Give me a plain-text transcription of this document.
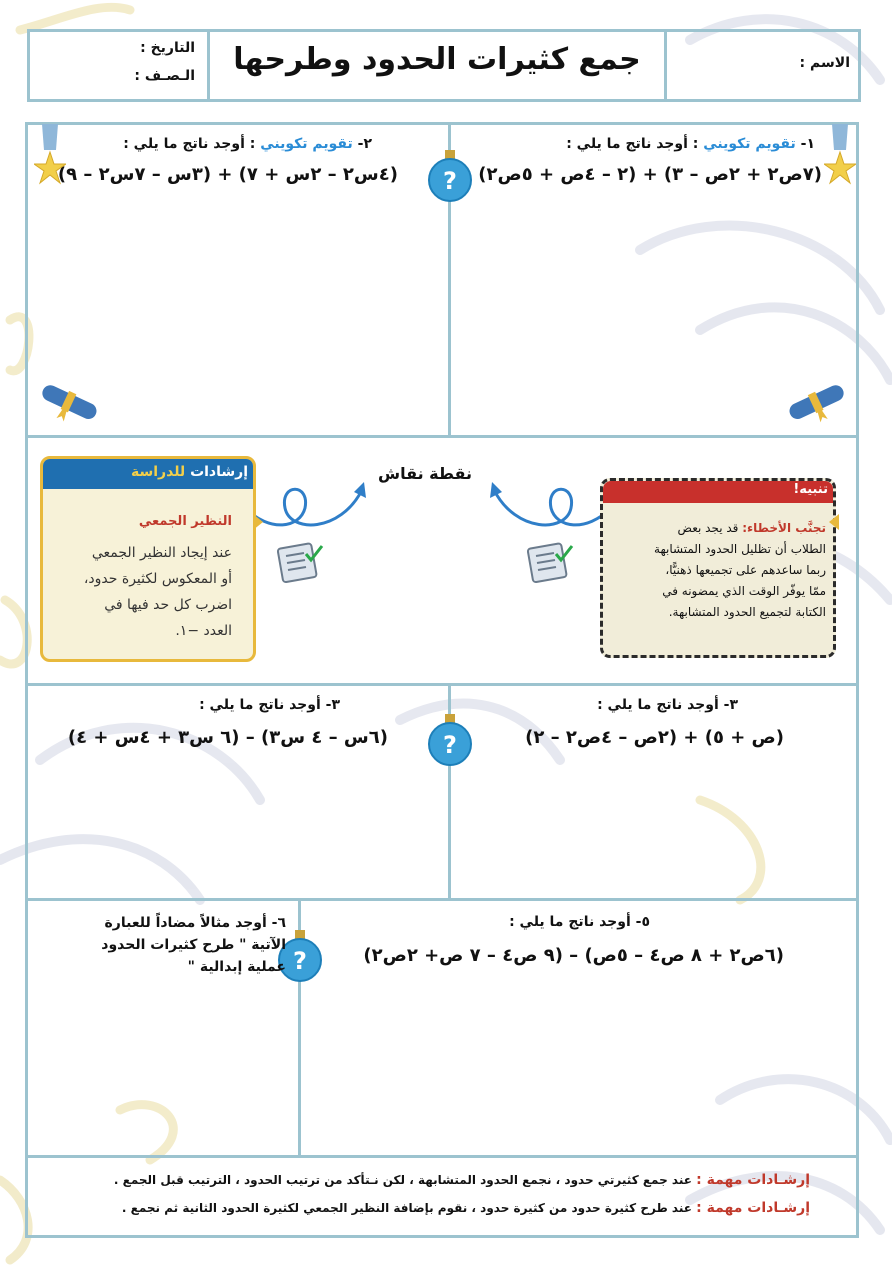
الاسم :
جمع كثيرات الحدود وطرحها
التاريخ :
الـصـف :
١- تقويم تكويني : أوجد ناتج ما يلي :
(٧ص٢ + ٢ص – ٣) + (٢ – ٤ص + ٥ص٢)
٢- تقويم تكويني : أوجد ناتج ما يلي :
(٤س٢ – ٢س + ٧) + (٣س – ٧س٢ – ٩) ?
?
?
نقطة نقاش
تنبيه!
تجنَّب الأخطاء: قد يجد بعض
الطلاب أن تظليل الحدود المتشابهة
ربما ساعدهم على تجميعها ذهنيًّا،
ممّا يوفّر الوقت الذي يمضونه في
الكتابة لتجميع الحدود المتشابهة.
إرشادات للدراسة
النظير الجمعي
عند إيجاد النظير الجمعي
أو المعكوس لكثيرة حدود،
اضرب كل حد فيها في
العدد −١.
٣- أوجد ناتج ما يلي :
(ص + ٥) + (٢ص – ٤ص٢ – ٢)
٣- أوجد ناتج ما يلي :
(٦س – ٤ س٣) – (٦ س٣ + ٤س + ٤)
٥- أوجد ناتج ما يلي :
(٦ص٢ + ٨ ص٤ – ٥ص) – (٩ ص٤ – ٧ ص+ ٢ص٢)
٦- أوجد مثالاً مضاداً للعبارة
الآتية " طرح كثيرات الحدود
عملية إبدالية "
إرشـادات مهمة : عند جمع كثيرتي حدود ، نجمع الحدود المتشابهة ، لكن نـتأكد من ترتيب الحدود ، الترتيب قبل الجمع .
إرشـادات مهمة : عند طرح كثيرة حدود من كثيرة حدود ، نقوم بإضافة النظير الجمعي لكثيرة الحدود الثانية ثم نجمع .
